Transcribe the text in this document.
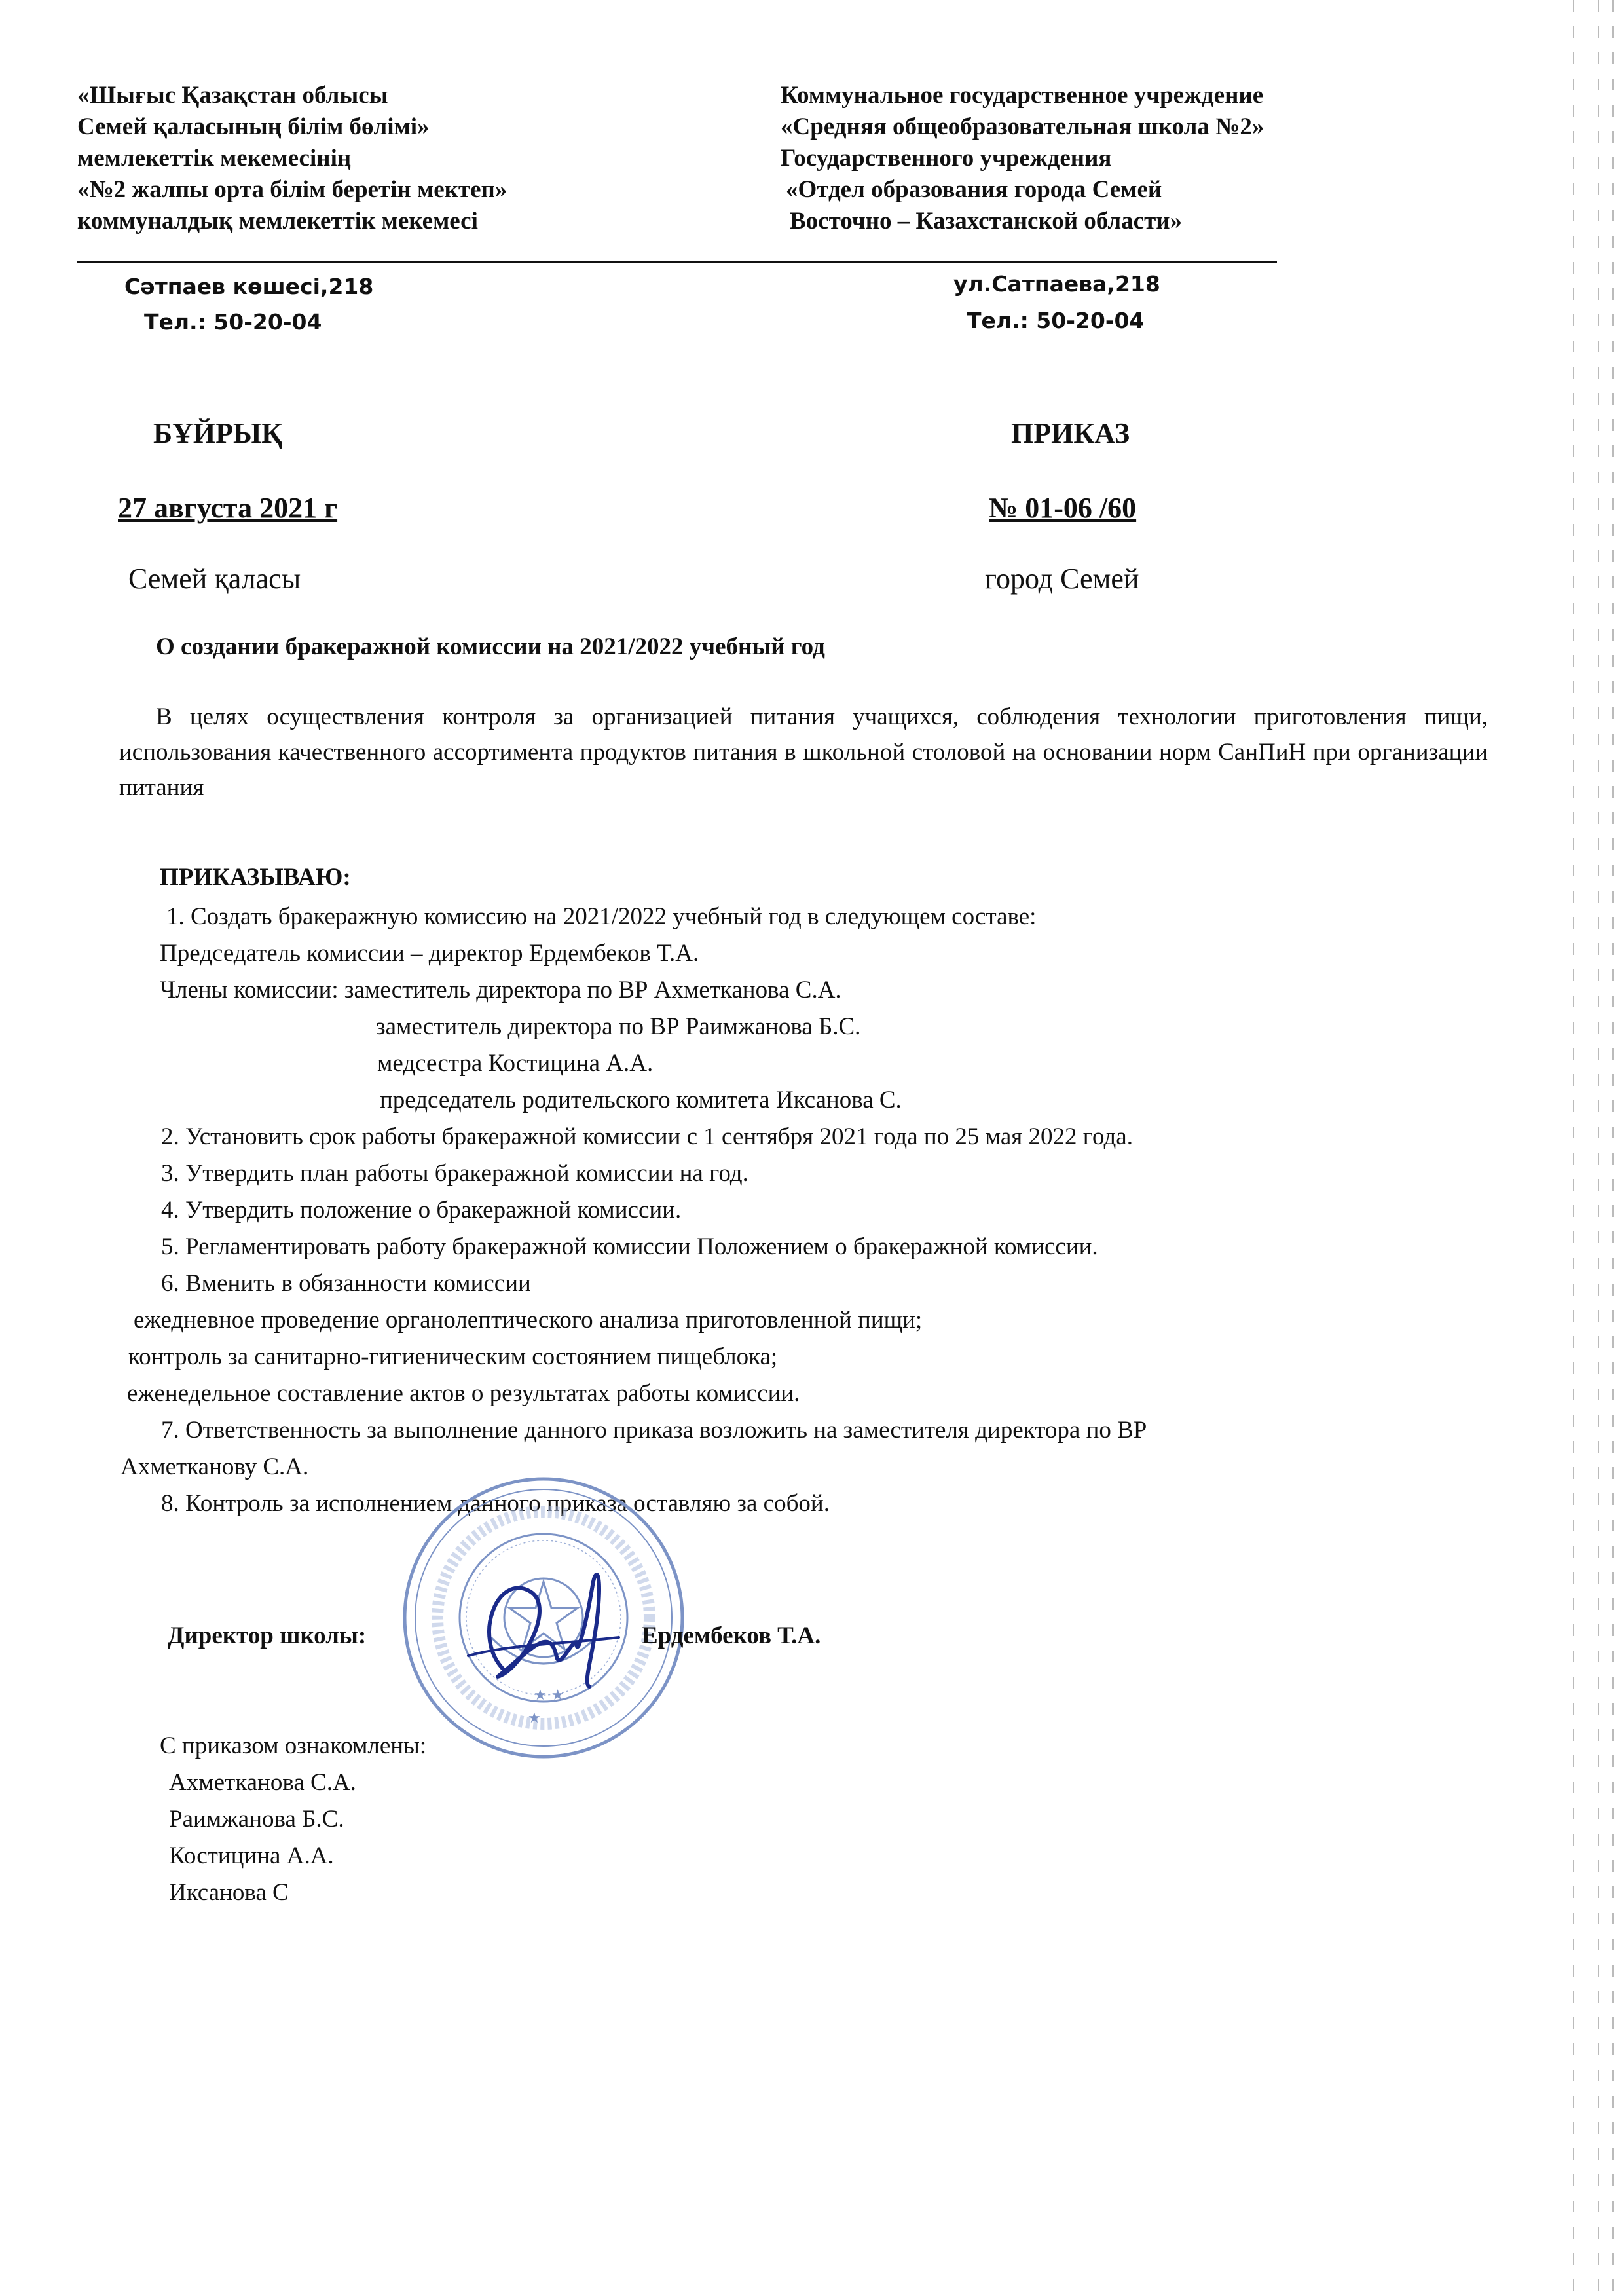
«Шығыс Қазақстан облысы
Семей қаласының білім бөлімі»
мемлекеттік мекемесінің
«№2 жалпы орта білім беретін мектеп»
коммуналдық мемлекеттік мекемесі
Коммунальное государственное учреждение
«Средняя общеобразовательная школа №2»
Государственного учреждения
«Отдел образования города Семей
Восточно – Казахстанской области»
Сәтпаев көшесі,218
Тел.: 50-20-04
ул.Сатпаева,218
Тел.: 50-20-04
БҰЙРЫҚ	ПРИКАЗ
27 августа 2021 г	№ 01-06 /60
Семей қаласы	город Семей
О создании бракеражной комиссии на 2021/2022 учебный год
В целях осуществления контроля за организацией питания учащихся, соблюдения технологии приготовления пищи, использования качественного ассортимента продуктов питания в школьной столовой на основании норм СанПиН при организации питания
ПРИКАЗЫВАЮ:
1. Создать бракеражную комиссию на 2021/2022 учебный год в следующем составе:
Председатель комиссии – директор Ердембеков Т.А.
Члены комиссии: заместитель директора по ВР Ахметканова С.А.
заместитель директора по ВР Раимжанова Б.С.
медсестра Костицина А.А.
председатель родительского комитета Иксанова С.
2. Установить срок работы бракеражной комиссии с 1 сентября 2021 года по 25 мая 2022 года.
3. Утвердить план работы бракеражной комиссии на год.
4. Утвердить положение о бракеражной комиссии.
5. Регламентировать работу бракеражной комиссии Положением о бракеражной комиссии.
6. Вменить в обязанности комиссии
ежедневное проведение органолептического анализа приготовленной пищи;
контроль за санитарно-гигиеническим состоянием пищеблока;
еженедельное составление актов о результатах работы комиссии.
7. Ответственность за выполнение данного приказа возложить на заместителя директора по ВР
Ахметканову С.А.
8. Контроль за исполнением данного приказа оставляю за собой.
★ ★
★
Директор школы:	Ердембеков Т.А.
С приказом ознакомлены:
Ахметканова С.А.
Раимжанова Б.С.
Костицина А.А.
Иксанова С
